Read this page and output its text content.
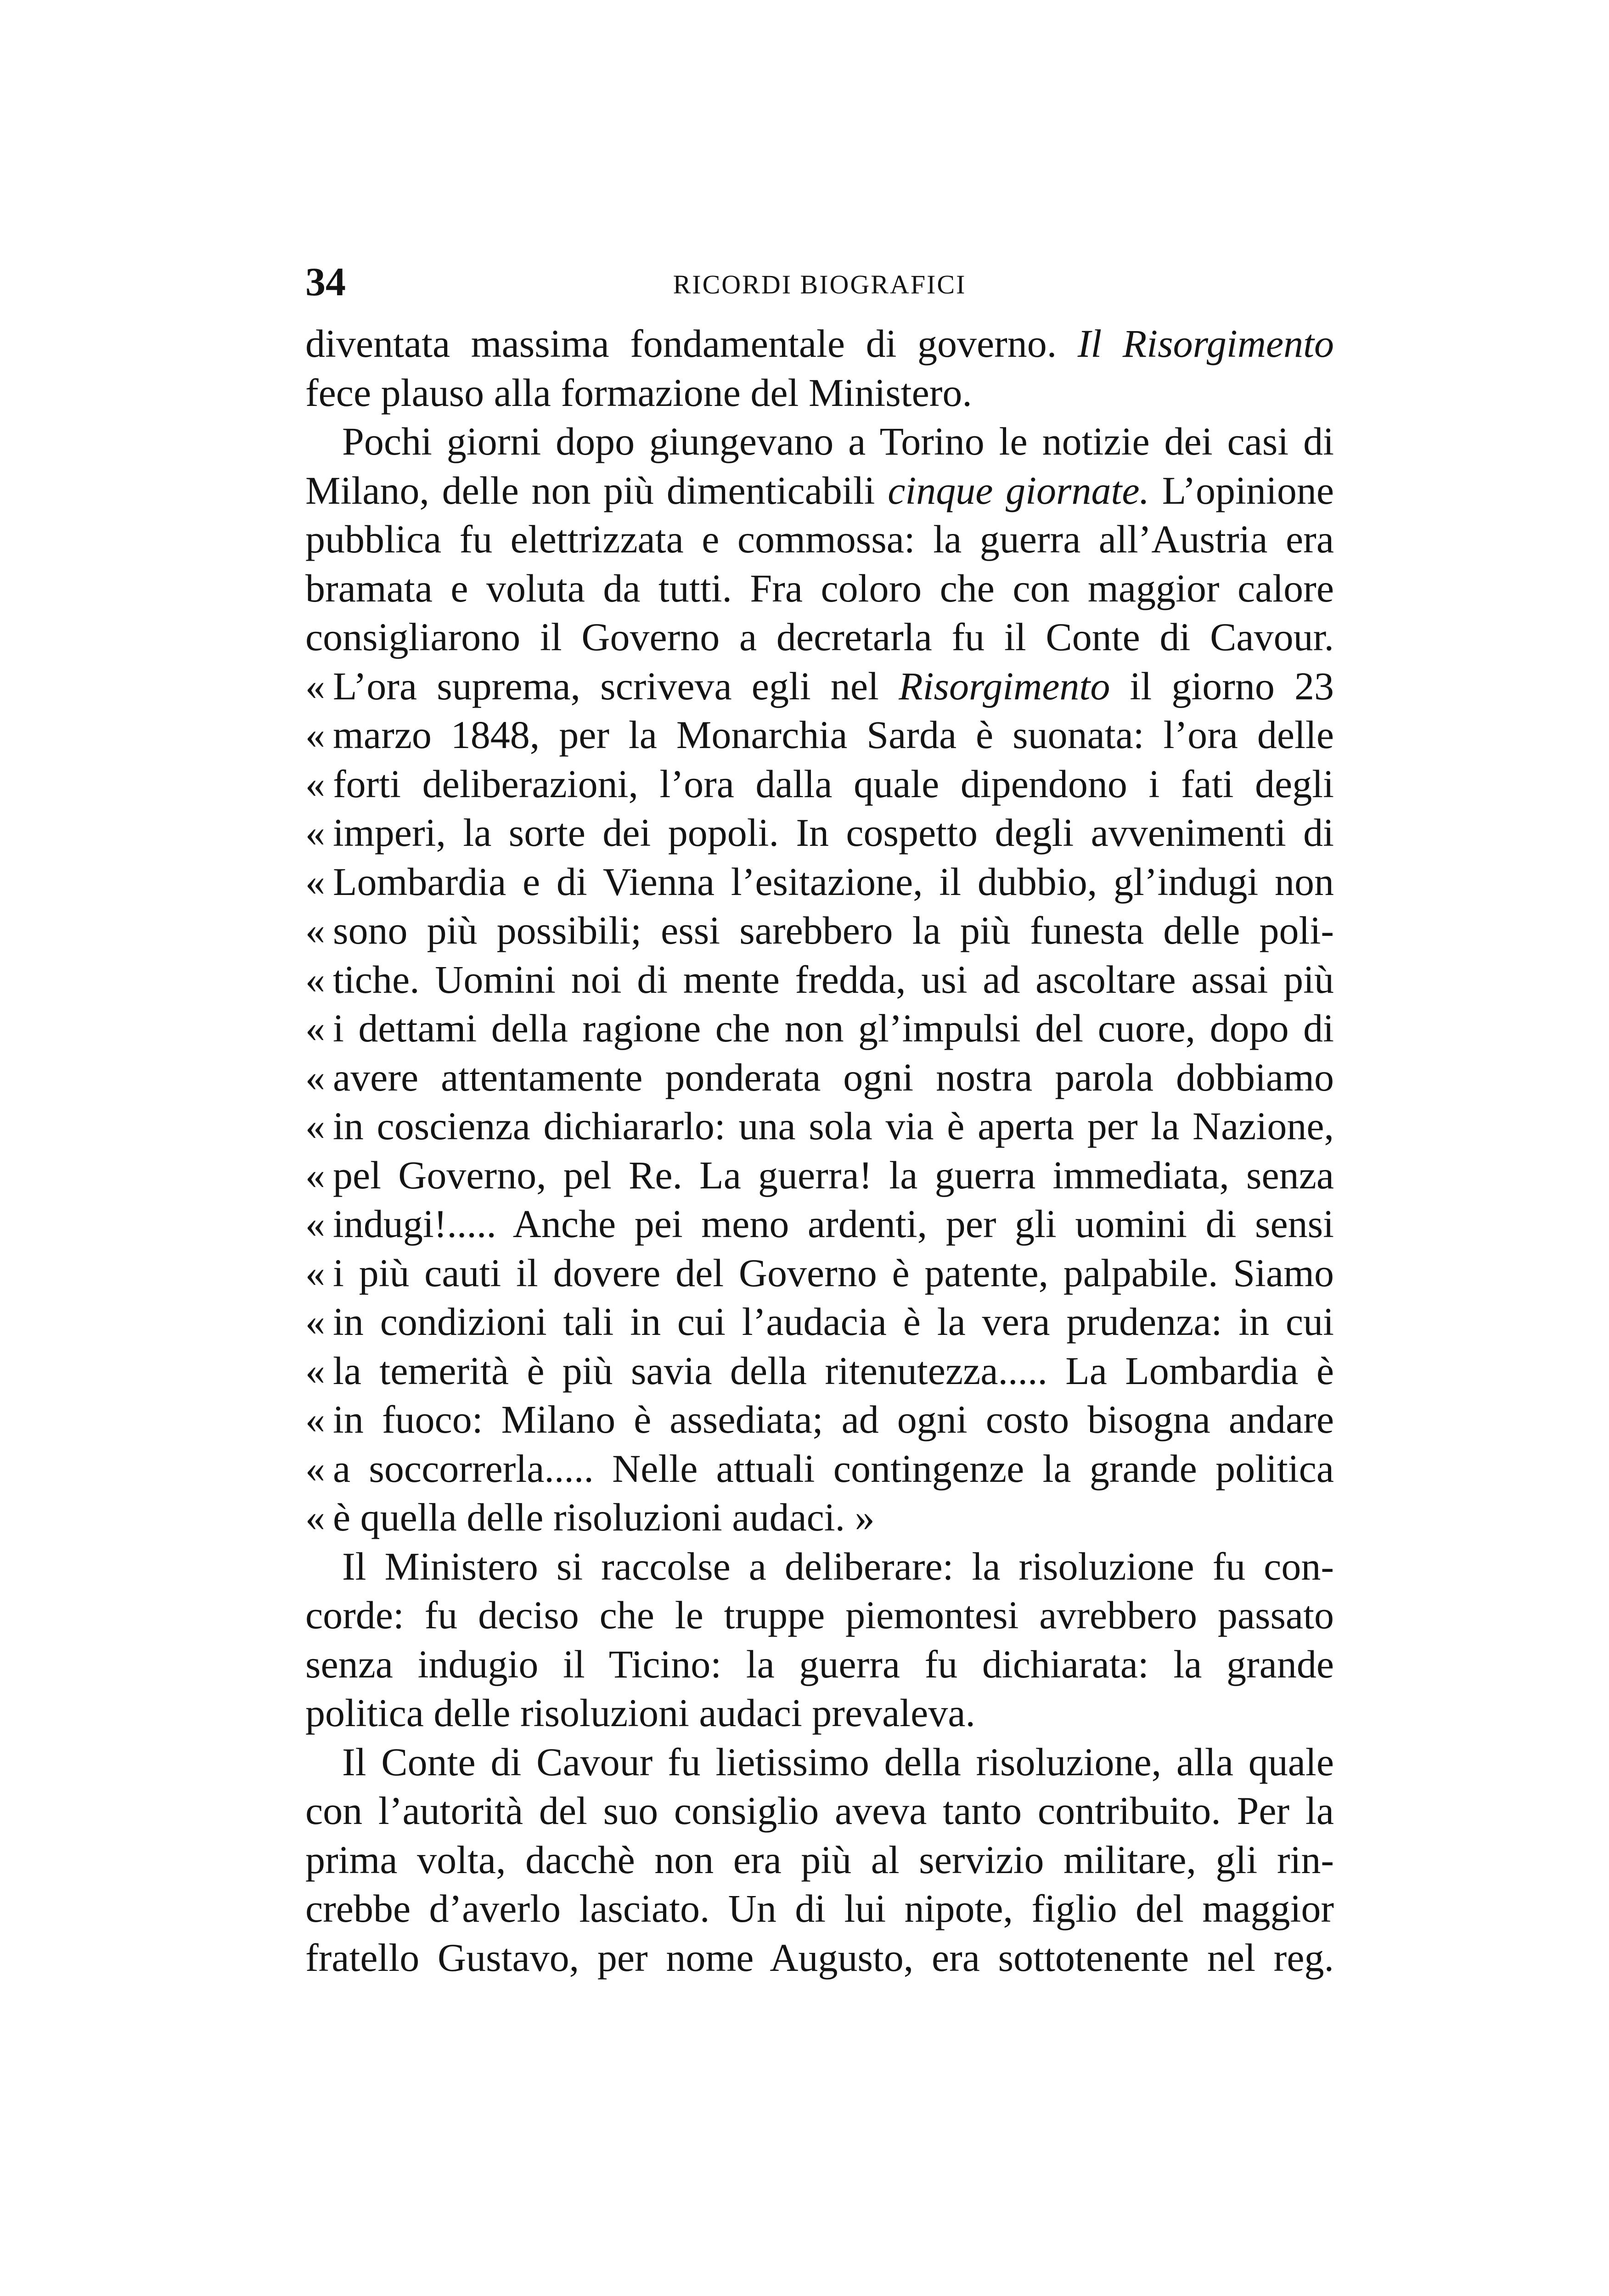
34	RICORDI BIOGRAFICI
diventata massima fondamentale di governo. Il Risorgimento
fece plauso alla formazione del Ministero.
Pochi giorni dopo giungevano a Torino le notizie dei casi di
Milano, delle non più dimenticabili cinque giornate. L’opinione
pubblica fu elettrizzata e commossa: la guerra all’Austria era
bramata e voluta da tutti. Fra coloro che con maggior calore
consigliarono il Governo a decretarla fu il Conte di Cavour.
« L’ora suprema, scriveva egli nel Risorgimento il giorno 23
« marzo 1848, per la Monarchia Sarda è suonata: l’ora delle
« forti deliberazioni, l’ora dalla quale dipendono i fati degli
« imperi, la sorte dei popoli. In cospetto degli avvenimenti di
« Lombardia e di Vienna l’esitazione, il dubbio, gl’indugi non
« sono più possibili; essi sarebbero la più funesta delle poli-
« tiche. Uomini noi di mente fredda, usi ad ascoltare assai più
« i dettami della ragione che non gl’impulsi del cuore, dopo di
« avere attentamente ponderata ogni nostra parola dobbiamo
« in coscienza dichiararlo: una sola via è aperta per la Nazione,
« pel Governo, pel Re. La guerra! la guerra immediata, senza
« indugi!..... Anche pei meno ardenti, per gli uomini di sensi
« i più cauti il dovere del Governo è patente, palpabile. Siamo
« in condizioni tali in cui l’audacia è la vera prudenza: in cui
« la temerità è più savia della ritenutezza..... La Lombardia è
« in fuoco: Milano è assediata; ad ogni costo bisogna andare
« a soccorrerla..... Nelle attuali contingenze la grande politica
« è quella delle risoluzioni audaci. »
Il Ministero si raccolse a deliberare: la risoluzione fu con-
corde: fu deciso che le truppe piemontesi avrebbero passato
senza indugio il Ticino: la guerra fu dichiarata: la grande
politica delle risoluzioni audaci prevaleva.
Il Conte di Cavour fu lietissimo della risoluzione, alla quale
con l’autorità del suo consiglio aveva tanto contribuito. Per la
prima volta, dacchè non era più al servizio militare, gli rin-
crebbe d’averlo lasciato. Un di lui nipote, figlio del maggior
fratello Gustavo, per nome Augusto, era sottotenente nel reg.
